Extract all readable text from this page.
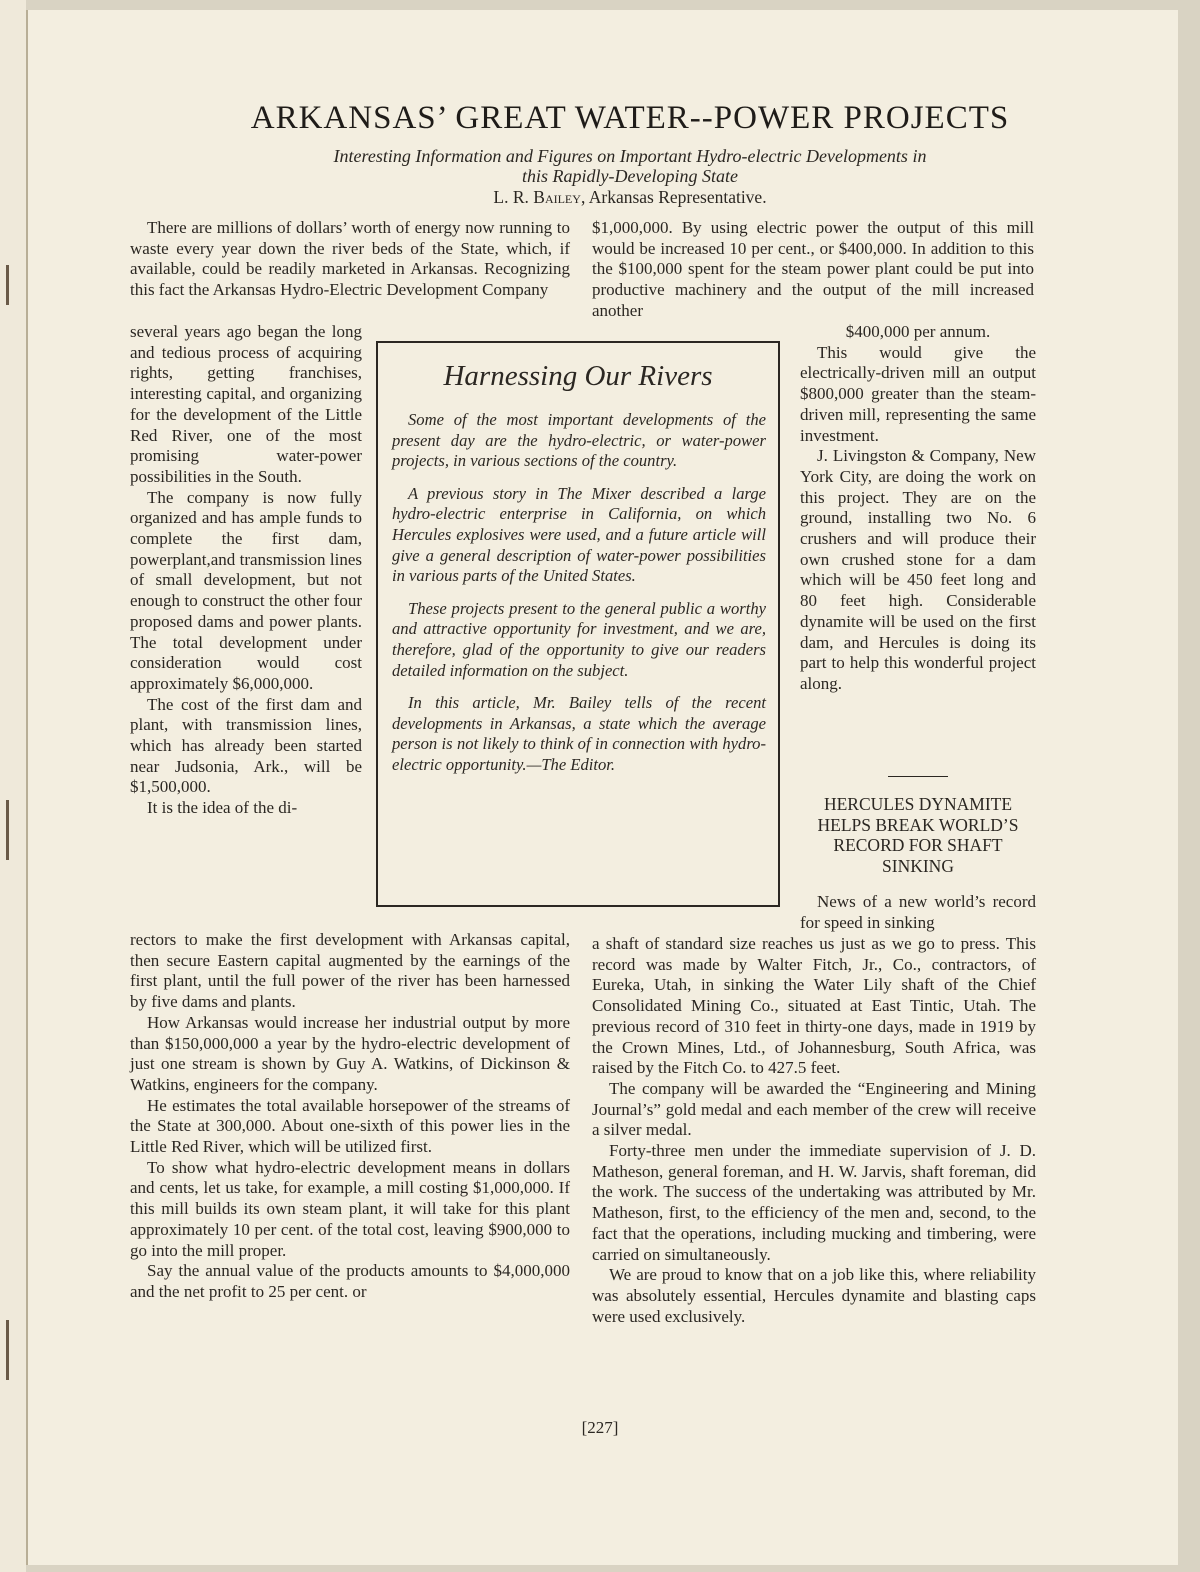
ARKANSAS’ GREAT WATER--POWER PROJECTS
Interesting Information and Figures on Important Hydro-electric Developments in
this Rapidly-Developing State
L. R. Bailey, Arkansas Representative.

There are millions of dollars’ worth of energy now running to waste every year down the river beds of the State, which, if available, could be readily marketed in Arkansas. Recognizing this fact the Arkansas Hydro-Electric Development Company

several years ago began the long and tedious process of acquiring rights, getting franchises, interesting capital, and organizing for the development of the Little Red River, one of the most promising water-power possibilities in the South.

The company is now fully organized and has ample funds to complete the first dam, powerplant,and transmission lines of small development, but not enough to construct the other four proposed dams and power plants. The total development under consideration would cost approximately $6,000,000.

The cost of the first dam and plant, with transmission lines, which has already been started near Judsonia, Ark., will be $1,500,000.

It is the idea of the di-

rectors to make the first development with Arkansas capital, then secure Eastern capital augmented by the earnings of the first plant, until the full power of the river has been harnessed by five dams and plants.

How Arkansas would increase her industrial output by more than $150,000,000 a year by the hydro-electric development of just one stream is shown by Guy A. Watkins, of Dickinson & Watkins, engineers for the company.

He estimates the total available horsepower of the streams of the State at 300,000. About one-sixth of this power lies in the Little Red River, which will be utilized first.

To show what hydro-electric development means in dollars and cents, let us take, for example, a mill costing $1,000,000. If this mill builds its own steam plant, it will take for this plant approximately 10 per cent. of the total cost, leaving $900,000 to go into the mill proper.

Say the annual value of the products amounts to $4,000,000 and the net profit to 25 per cent. or

$1,000,000. By using electric power the output of this mill would be increased 10 per cent., or $400,000. In addition to this the $100,000 spent for the steam power plant could be put into productive machinery and the output of the mill increased another

$400,000 per annum.

This would give the electrically-driven mill an output $800,000 greater than the steam-driven mill, representing the same investment.

J. Livingston & Company, New York City, are doing the work on this project. They are on the ground, installing two No. 6 crushers and will produce their own crushed stone for a dam which will be 450 feet long and 80 feet high. Considerable dynamite will be used on the first dam, and Hercules is doing its part to help this wonderful project along.

Harnessing Our Rivers

Some of the most important developments of the present day are the hydro-electric, or water-power projects, in various sections of the country.

A previous story in The Mixer described a large hydro-electric enterprise in California, on which Hercules explosives were used, and a future article will give a general description of water-power possibilities in various parts of the United States.

These projects present to the general public a worthy and attractive opportunity for investment, and we are, therefore, glad of the opportunity to give our readers detailed information on the subject.

In this article, Mr. Bailey tells of the recent developments in Arkansas, a state which the average person is not likely to think of in connection with hydro-electric opportunity.—The Editor.

HERCULES DYNAMITE HELPS BREAK WORLD’S RECORD FOR SHAFT SINKING

News of a new world’s record for speed in sinking

a shaft of standard size reaches us just as we go to press. This record was made by Walter Fitch, Jr., Co., contractors, of Eureka, Utah, in sinking the Water Lily shaft of the Chief Consolidated Mining Co., situated at East Tintic, Utah. The previous record of 310 feet in thirty-one days, made in 1919 by the Crown Mines, Ltd., of Johannesburg, South Africa, was raised by the Fitch Co. to 427.5 feet.

The company will be awarded the “Engineering and Mining Journal’s” gold medal and each member of the crew will receive a silver medal.

Forty-three men under the immediate supervision of J. D. Matheson, general foreman, and H. W. Jarvis, shaft foreman, did the work. The success of the undertaking was attributed by Mr. Matheson, first, to the efficiency of the men and, second, to the fact that the operations, including mucking and timbering, were carried on simultaneously.

We are proud to know that on a job like this, where reliability was absolutely essential, Hercules dynamite and blasting caps were used exclusively.

[227]
